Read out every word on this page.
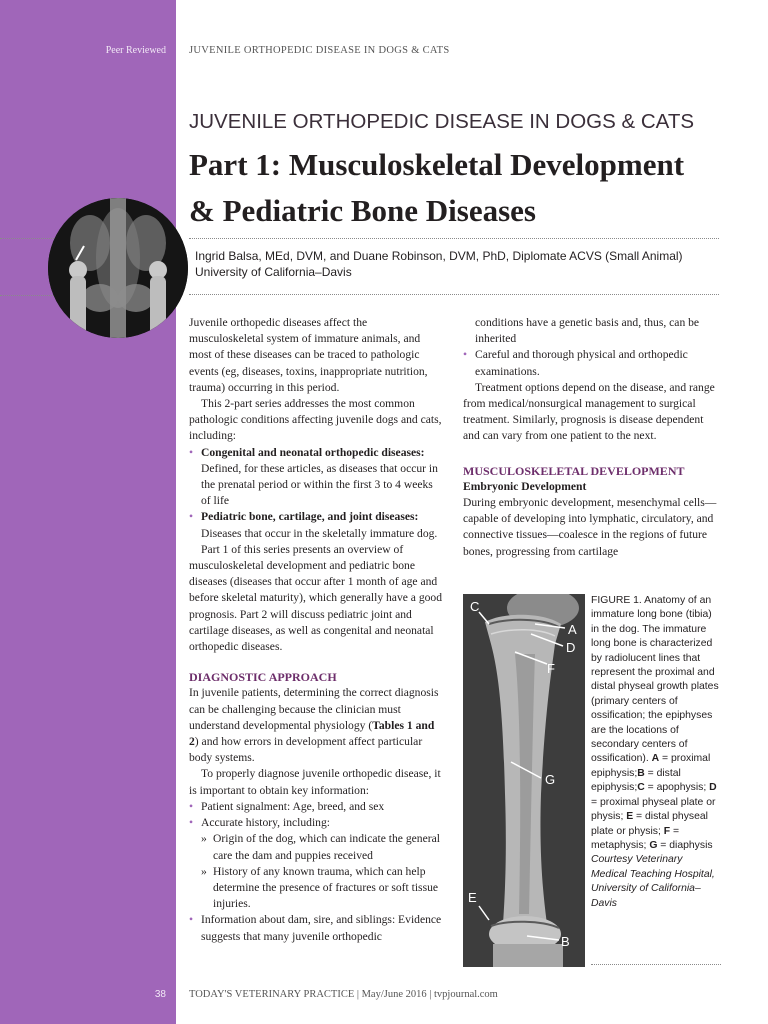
Peer Reviewed
38
JUVENILE ORTHOPEDIC DISEASE IN DOGS & CATS
JUVENILE ORTHOPEDIC DISEASE IN DOGS & CATS
Part 1: Musculoskeletal Development
& Pediatric Bone Diseases
Ingrid Balsa, MEd, DVM, and Duane Robinson, DVM, PhD, Diplomate ACVS (Small Animal)
University of California–Davis

Juvenile orthopedic diseases affect the musculoskeletal system of immature animals, and most of these diseases can be traced to pathologic events (eg, diseases, toxins, inappropriate nutrition, trauma) occurring in this period.

This 2-part series addresses the most common pathologic conditions affecting juvenile dogs and cats, including:

• Congenital and neonatal orthopedic diseases:
Defined, for these articles, as diseases that occur in the prenatal period or within the first 3 to 4 weeks of life
• Pediatric bone, cartilage, and joint diseases:
Diseases that occur in the skeletally immature dog.

Part 1 of this series presents an overview of musculoskeletal development and pediatric bone diseases (diseases that occur after 1 month of age and before skeletal maturity), which generally have a good prognosis. Part 2 will discuss pediatric joint and cartilage diseases, as well as congenital and neonatal orthopedic diseases.

DIAGNOSTIC APPROACH

In juvenile patients, determining the correct diagnosis can be challenging because the clinician must understand developmental physiology (Tables 1 and 2) and how errors in development affect particular body systems.

To properly diagnose juvenile orthopedic disease, it is important to obtain key information:

• Patient signalment: Age, breed, and sex
• Accurate history, including:
» Origin of the dog, which can indicate the general care the dam and puppies received
» History of any known trauma, which can help determine the presence of fractures or soft tissue injuries.
• Information about dam, sire, and siblings: Evidence suggests that many juvenile orthopedic

conditions have a genetic basis and, thus, can be inherited

• Careful and thorough physical and orthopedic examinations.

Treatment options depend on the disease, and range from medical/nonsurgical management to surgical treatment. Similarly, prognosis is disease dependent and can vary from one patient to the next.

MUSCULOSKELETAL DEVELOPMENT

Embryonic Development

During embryonic development, mesenchymal cells—capable of developing into lymphatic, circulatory, and connective tissues—coalesce in the regions of future bones, progressing from cartilage

C
A
D
F
G
E
B
FIGURE 1. Anatomy of an immature long bone (tibia) in the dog. The immature long bone is characterized by radiolucent lines that represent the proximal and distal physeal growth plates (primary centers of ossification; the epiphyses are the locations of secondary centers of ossification). A = proximal epiphysis;B = distal epiphysis;C = apophysis; D = proximal physeal plate or physis; E = distal physeal plate or physis; F = metaphysis; G = diaphysis
Courtesy Veterinary Medical Teaching Hospital, University of California–Davis
TODAY'S VETERINARY PRACTICE | May/June 2016 | tvpjournal.com
